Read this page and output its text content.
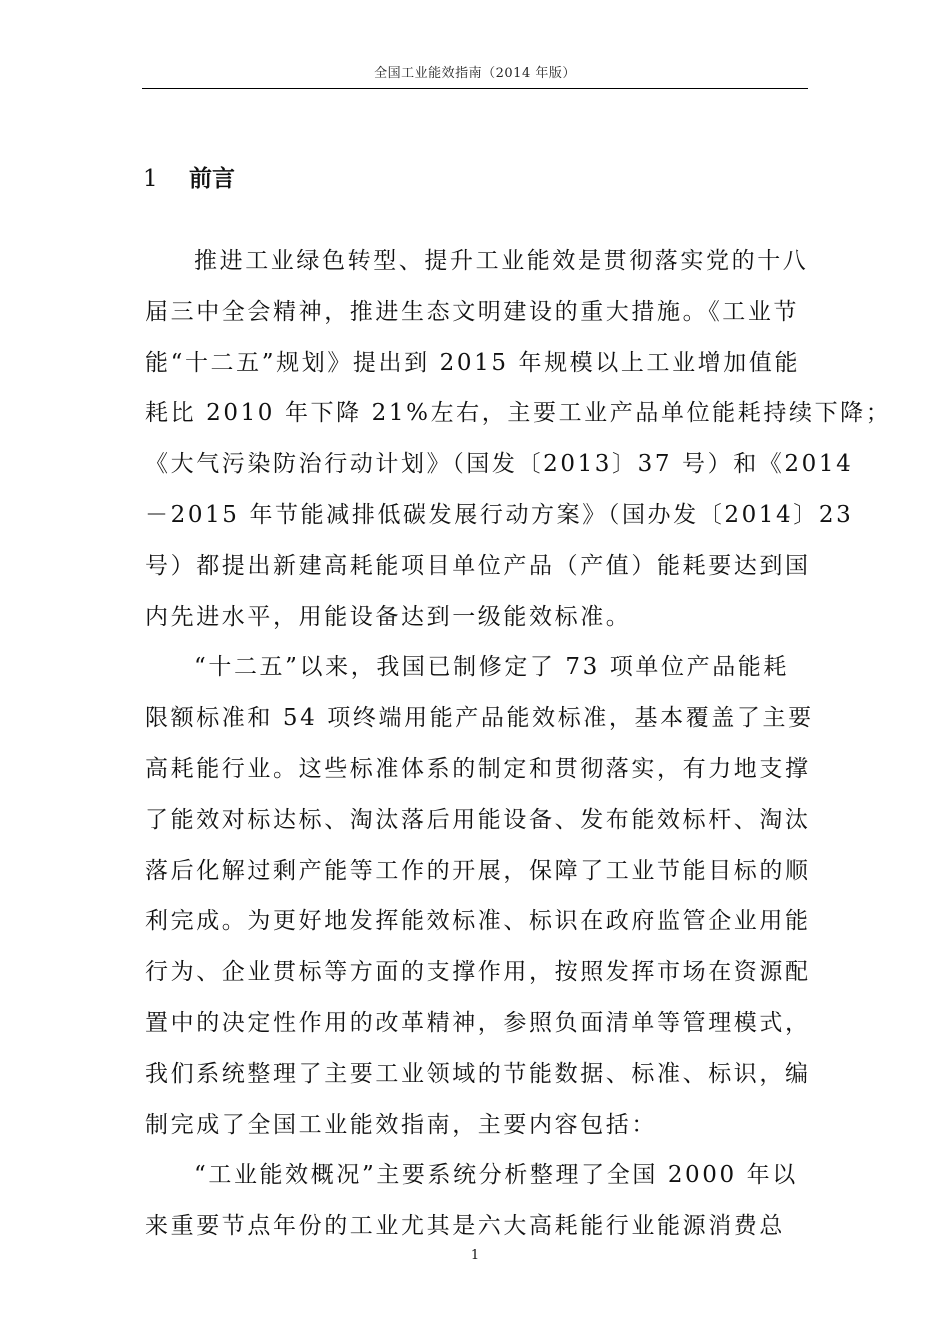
全国工业能效指南（2014 年版）
1 前言
推进工业绿色转型、提升工业能效是贯彻落实党的十八
届三中全会精神，推进生态文明建设的重大措施。《工业节
能“十二五”规划》提出到 2015 年规模以上工业增加值能
耗比 2010 年下降 21%左右，主要工业产品单位能耗持续下降；
《大气污染防治行动计划》（国发〔2013〕37 号）和《2014
－2015 年节能减排低碳发展行动方案》（国办发〔2014〕23
号）都提出新建高耗能项目单位产品（产值）能耗要达到国
内先进水平，用能设备达到一级能效标准。
“十二五”以来，我国已制修定了 73 项单位产品能耗
限额标准和 54 项终端用能产品能效标准，基本覆盖了主要
高耗能行业。这些标准体系的制定和贯彻落实，有力地支撑
了能效对标达标、淘汰落后用能设备、发布能效标杆、淘汰
落后化解过剩产能等工作的开展，保障了工业节能目标的顺
利完成。为更好地发挥能效标准、标识在政府监管企业用能
行为、企业贯标等方面的支撑作用，按照发挥市场在资源配
置中的决定性作用的改革精神，参照负面清单等管理模式，
我们系统整理了主要工业领域的节能数据、标准、标识，编
制完成了全国工业能效指南，主要内容包括：
“工业能效概况”主要系统分析整理了全国 2000 年以
来重要节点年份的工业尤其是六大高耗能行业能源消费总
1
